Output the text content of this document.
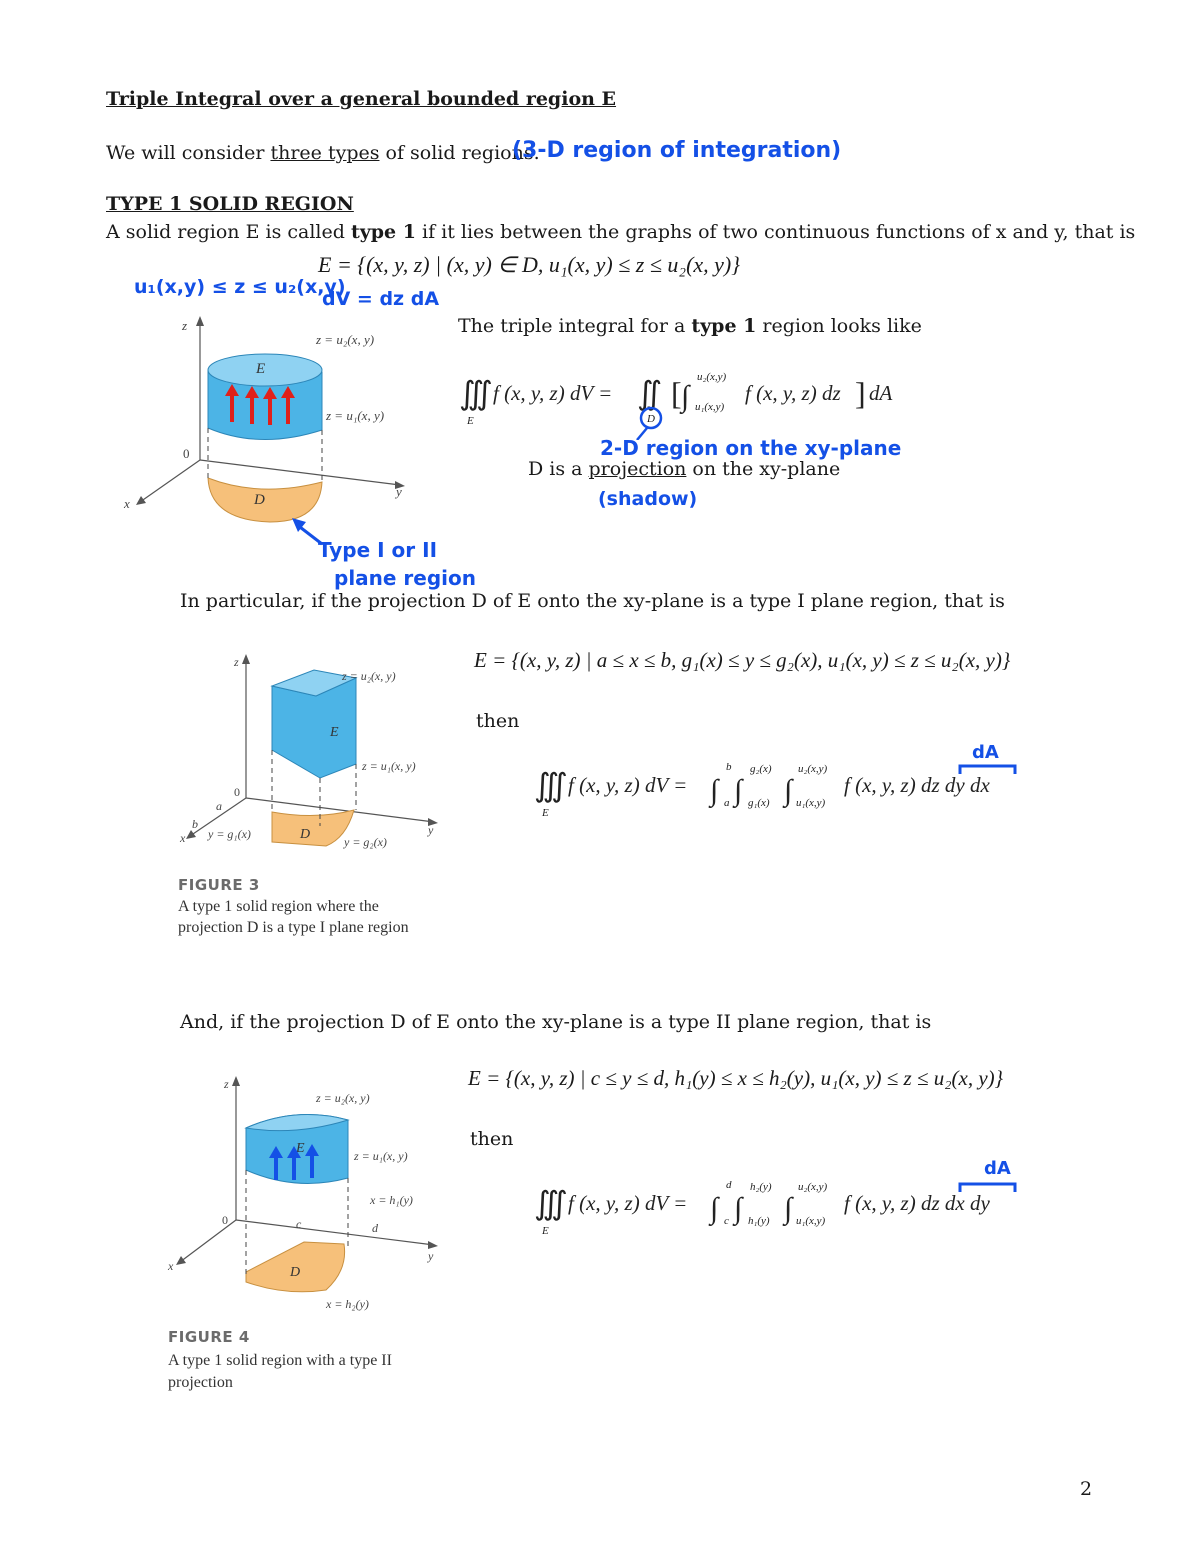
Triple Integral over a general bounded region E
We will consider three types of solid regions.
(3-D region of integration)
TYPE 1 SOLID REGION
A solid region E is called type 1 if it lies between the graphs of two continuous functions of x and y, that is
E = {(x, y, z) | (x, y) ∈ D, u₁(x, y) ≤ z ≤ u₂(x, y)}
u₁(x,y) ≤ z ≤ u₂(x,y)
dV = dz dA
z
0
y
x	D
E
z = u₂(x, y)
z = u₁(x, y)
Type I or II
plane region
The triple integral for a type 1 region looks like
∭
E
f (x, y, z) dV = ∬
D
[ ∫
u₂(x,y)
u₁(x,y)
f (x, y, z) dz ] dA
2-D region on the xy-plane
D is a projection on the xy-plane
(shadow)
In particular, if the projection D of E onto the xy-plane is a type I plane region, that is
E = {(x, y, z) | a ≤ x ≤ b, g₁(x) ≤ y ≤ g₂(x), u₁(x, y) ≤ z ≤ u₂(x, y)}
then
z
0
a
b
x
y
D
E
z = u₂(x, y)
z = u₁(x, y)
y = g₁(x)
y = g₂(x)
FIGURE 3
A type 1 solid region where the
projection D is a type I plane region
∭
E
f (x, y, z) dV = ∫
b
a ∫
g₂(x)
g₁(x) ∫
u₂(x,y)
u₁(x,y)
f (x, y, z) dz dy dx
dA
And, if the projection D of E onto the xy-plane is a type II plane region, that is
E = {(x, y, z) | c ≤ y ≤ d, h₁(y) ≤ x ≤ h₂(y), u₁(x, y) ≤ z ≤ u₂(x, y)}
then
z
0
x
y
c	d
D
E
z = u₂(x, y)
z = u₁(x, y)
x = h₁(y)
x = h₂(y)
FIGURE 4
A type 1 solid region with a type II
projection
∭
E
f (x, y, z) dV = ∫
d
c ∫
h₂(y)
h₁(y) ∫
u₂(x,y)
u₁(x,y)
f (x, y, z) dz dx dy
dA
2
